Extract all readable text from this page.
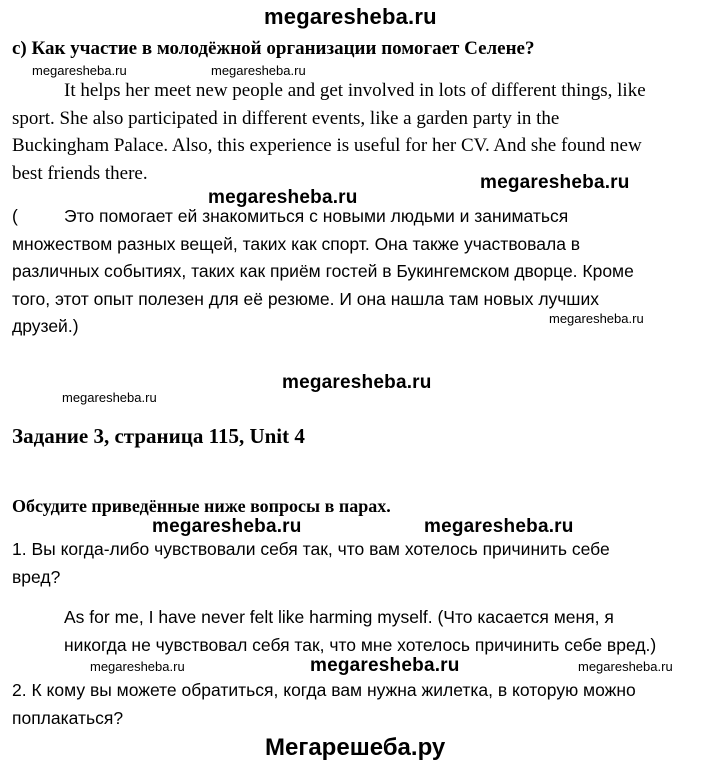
megaresheba.ru
c) Как участие в молодёжной организации помогает Селене?
megaresheba.ru	megaresheba.ru
It helps her meet new people and get involved in lots of different things, like
sport. She also participated in different events, like a garden party in the
Buckingham Palace. Also, this experience is useful for her CV. And she found new
best friends there.
megaresheba.ru
megaresheba.ru
(	Это помогает ей знакомиться с новыми людьми и заниматься
множеством разных вещей, таких как спорт. Она также участвовала в
различных событиях, таких как приём гостей в Букингемском дворце. Кроме
того, этот опыт полезен для её резюме. И она нашла там новых лучших
друзей.)	megaresheba.ru
megaresheba.ru
megaresheba.ru
Задание 3, страница 115, Unit 4
Обсудите приведённые ниже вопросы в парах.
megaresheba.ru	megaresheba.ru
1. Вы когда-либо чувствовали себя так, что вам хотелось причинить себе
вред?
As for me, I have never felt like harming myself. (Что касается меня, я
никогда не чувствовал себя так, что мне хотелось причинить себе вред.)
megaresheba.ru	megaresheba.ru	megaresheba.ru
2. К кому вы можете обратиться, когда вам нужна жилетка, в которую можно
поплакаться?
Мегарешеба.ру
